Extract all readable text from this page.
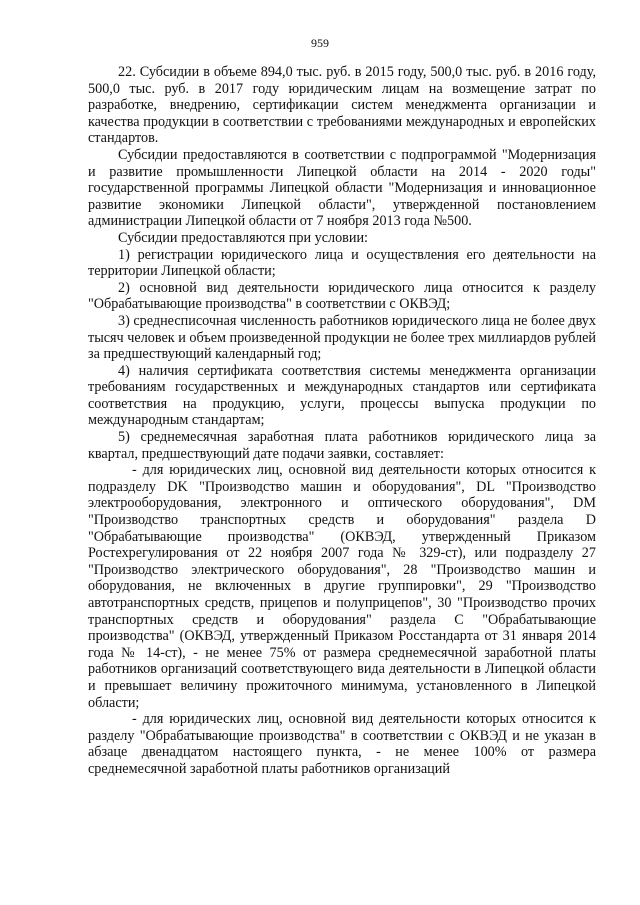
959

22. Субсидии в объеме 894,0 тыс. руб. в 2015 году, 500,0 тыс. руб. в 2016 году, 500,0 тыс. руб. в 2017 году юридическим лицам на возмещение затрат по разработке, внедрению, сертификации систем менеджмента организации и качества продукции в соответствии с требованиями международных и европейских стандартов.

Субсидии предоставляются в соответствии с подпрограммой "Модернизация и развитие промышленности Липецкой области на 2014 - 2020 годы" государственной программы Липецкой области "Модернизация и инновационное развитие экономики Липецкой области", утвержденной постановлением администрации Липецкой области от 7 ноября 2013 года №500.

Субсидии предоставляются при условии:

1) регистрации юридического лица и осуществления его деятельности на территории Липецкой области;

2) основной вид деятельности юридического лица относится к разделу "Обрабатывающие производства" в соответствии с ОКВЭД;

3) среднесписочная численность работников юридического лица не более двух тысяч человек и объем произведенной продукции не более трех миллиардов рублей за предшествующий календарный год;

4) наличия сертификата соответствия системы менеджмента организации требованиям государственных и международных стандартов или сертификата соответствия на продукцию, услуги, процессы выпуска продукции по международным стандартам;

5) среднемесячная заработная плата работников юридического лица за квартал, предшествующий дате подачи заявки, составляет:

- для юридических лиц, основной вид деятельности которых относится к подразделу DK "Производство машин и оборудования", DL "Производство электрооборудования, электронного и оптического оборудования", DM "Производство транспортных средств и оборудования" раздела D "Обрабатывающие производства" (ОКВЭД, утвержденный Приказом Ростехрегулирования от 22 ноября 2007 года № 329-ст), или подразделу 27 "Производство электрического оборудования", 28 "Производство машин и оборудования, не включенных в другие группировки", 29 "Производство автотранспортных средств, прицепов и полуприцепов", 30 "Производство прочих транспортных средств и оборудования" раздела С "Обрабатывающие производства" (ОКВЭД, утвержденный Приказом Росстандарта от 31 января 2014 года № 14-ст), - не менее 75% от размера среднемесячной заработной платы работников организаций соответствующего вида деятельности в Липецкой области и превышает величину прожиточного минимума, установленного в Липецкой области;

- для юридических лиц, основной вид деятельности которых относится к разделу "Обрабатывающие производства" в соответствии с ОКВЭД и не указан в абзаце двенадцатом настоящего пункта, - не менее 100% от размера среднемесячной заработной платы работников организаций
